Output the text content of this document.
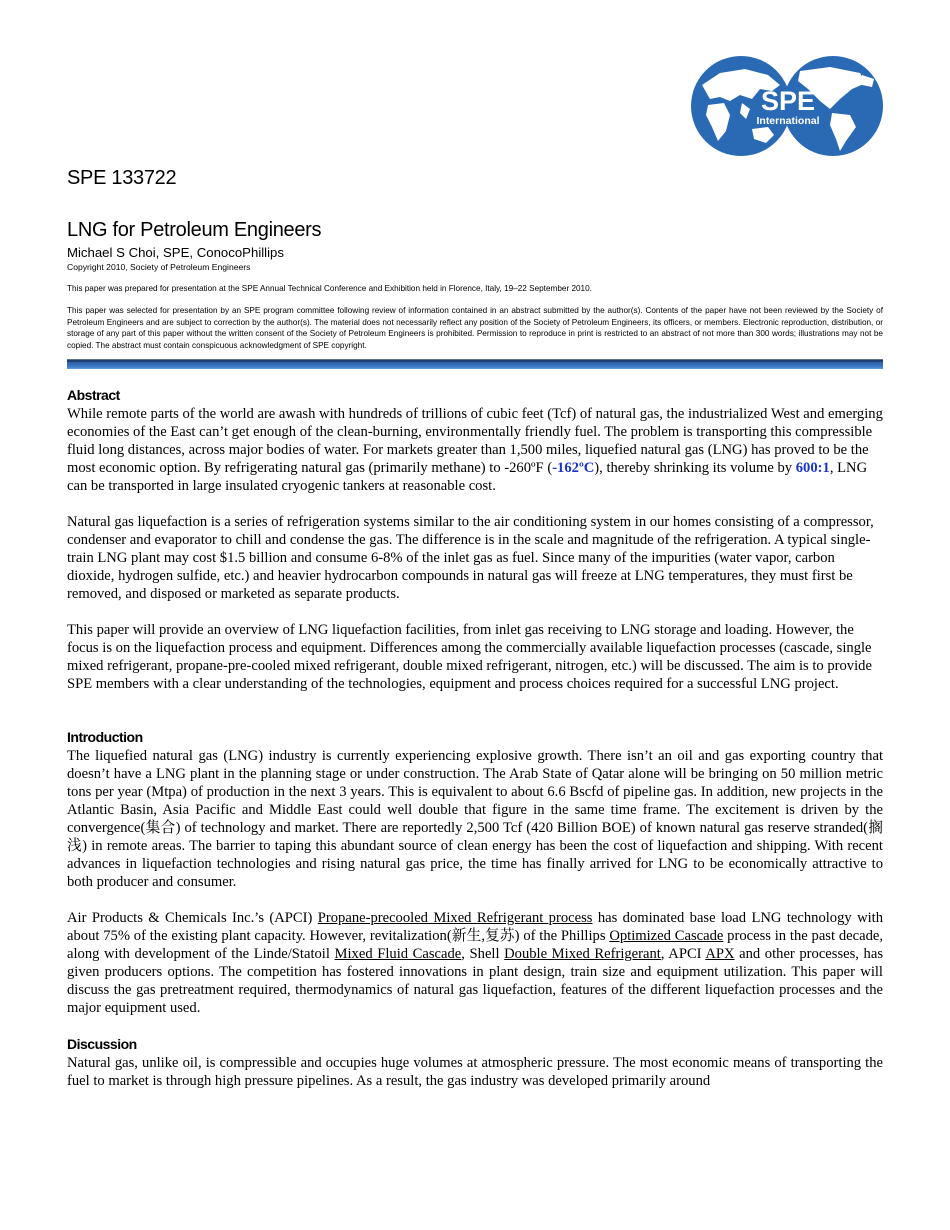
SPE
International
SPE 133722
LNG for Petroleum Engineers
Michael S Choi, SPE, ConocoPhillips
Copyright 2010, Society of Petroleum Engineers
This paper was prepared for presentation at the SPE Annual Technical Conference and Exhibition held in Florence, Italy, 19–22 September 2010.
This paper was selected for presentation by an SPE program committee following review of information contained in an abstract submitted by the author(s). Contents of the paper have not been reviewed by the Society of Petroleum Engineers and are subject to correction by the author(s). The material does not necessarily reflect any position of the Society of Petroleum Engineers, its officers, or members. Electronic reproduction, distribution, or storage of any part of this paper without the written consent of the Society of Petroleum Engineers is prohibited. Permission to reproduce in print is restricted to an abstract of not more than 300 words; illustrations may not be copied. The abstract must contain conspicuous acknowledgment of SPE copyright.
Abstract
While remote parts of the world are awash with hundreds of trillions of cubic feet (Tcf) of natural gas, the industrialized West and emerging economies of the East can’t get enough of the clean-burning, environmentally friendly fuel. The problem is transporting this compressible fluid long distances, across major bodies of water. For markets greater than 1,500 miles, liquefied natural gas (LNG) has proved to be the most economic option. By refrigerating natural gas (primarily methane) to -260ºF (-162ºC), thereby shrinking its volume by 600:1, LNG can be transported in large insulated cryogenic tankers at reasonable cost.
Natural gas liquefaction is a series of refrigeration systems similar to the air conditioning system in our homes consisting of a compressor, condenser and evaporator to chill and condense the gas. The difference is in the scale and magnitude of the refrigeration. A typical single-train LNG plant may cost $1.5 billion and consume 6-8% of the inlet gas as fuel. Since many of the impurities (water vapor, carbon dioxide, hydrogen sulfide, etc.) and heavier hydrocarbon compounds in natural gas will freeze at LNG temperatures, they must first be removed, and disposed or marketed as separate products.
This paper will provide an overview of LNG liquefaction facilities, from inlet gas receiving to LNG storage and loading. However, the focus is on the liquefaction process and equipment. Differences among the commercially available liquefaction processes (cascade, single mixed refrigerant, propane-pre-cooled mixed refrigerant, double mixed refrigerant, nitrogen, etc.) will be discussed. The aim is to provide SPE members with a clear understanding of the technologies, equipment and process choices required for a successful LNG project.
Introduction
The liquefied natural gas (LNG) industry is currently experiencing explosive growth. There isn’t an oil and gas exporting country that doesn’t have a LNG plant in the planning stage or under construction. The Arab State of Qatar alone will be bringing on 50 million metric tons per year (Mtpa) of production in the next 3 years. This is equivalent to about 6.6 Bscfd of pipeline gas. In addition, new projects in the Atlantic Basin, Asia Pacific and Middle East could well double that figure in the same time frame. The excitement is driven by the convergence(集合) of technology and market. There are reportedly 2,500 Tcf (420 Billion BOE) of known natural gas reserve stranded(搁浅) in remote areas. The barrier to taping this abundant source of clean energy has been the cost of liquefaction and shipping. With recent advances in liquefaction technologies and rising natural gas price, the time has finally arrived for LNG to be economically attractive to both producer and consumer.
Air Products & Chemicals Inc.’s (APCI) Propane-precooled Mixed Refrigerant process has dominated base load LNG technology with about 75% of the existing plant capacity. However, revitalization(新生,复苏) of the Phillips Optimized Cascade process in the past decade, along with development of the Linde/Statoil Mixed Fluid Cascade, Shell Double Mixed Refrigerant, APCI APX and other processes, has given producers options. The competition has fostered innovations in plant design, train size and equipment utilization. This paper will discuss the gas pretreatment required, thermodynamics of natural gas liquefaction, features of the different liquefaction processes and the major equipment used.
Discussion
Natural gas, unlike oil, is compressible and occupies huge volumes at atmospheric pressure. The most economic means of transporting the fuel to market is through high pressure pipelines. As a result, the gas industry was developed primarily around
